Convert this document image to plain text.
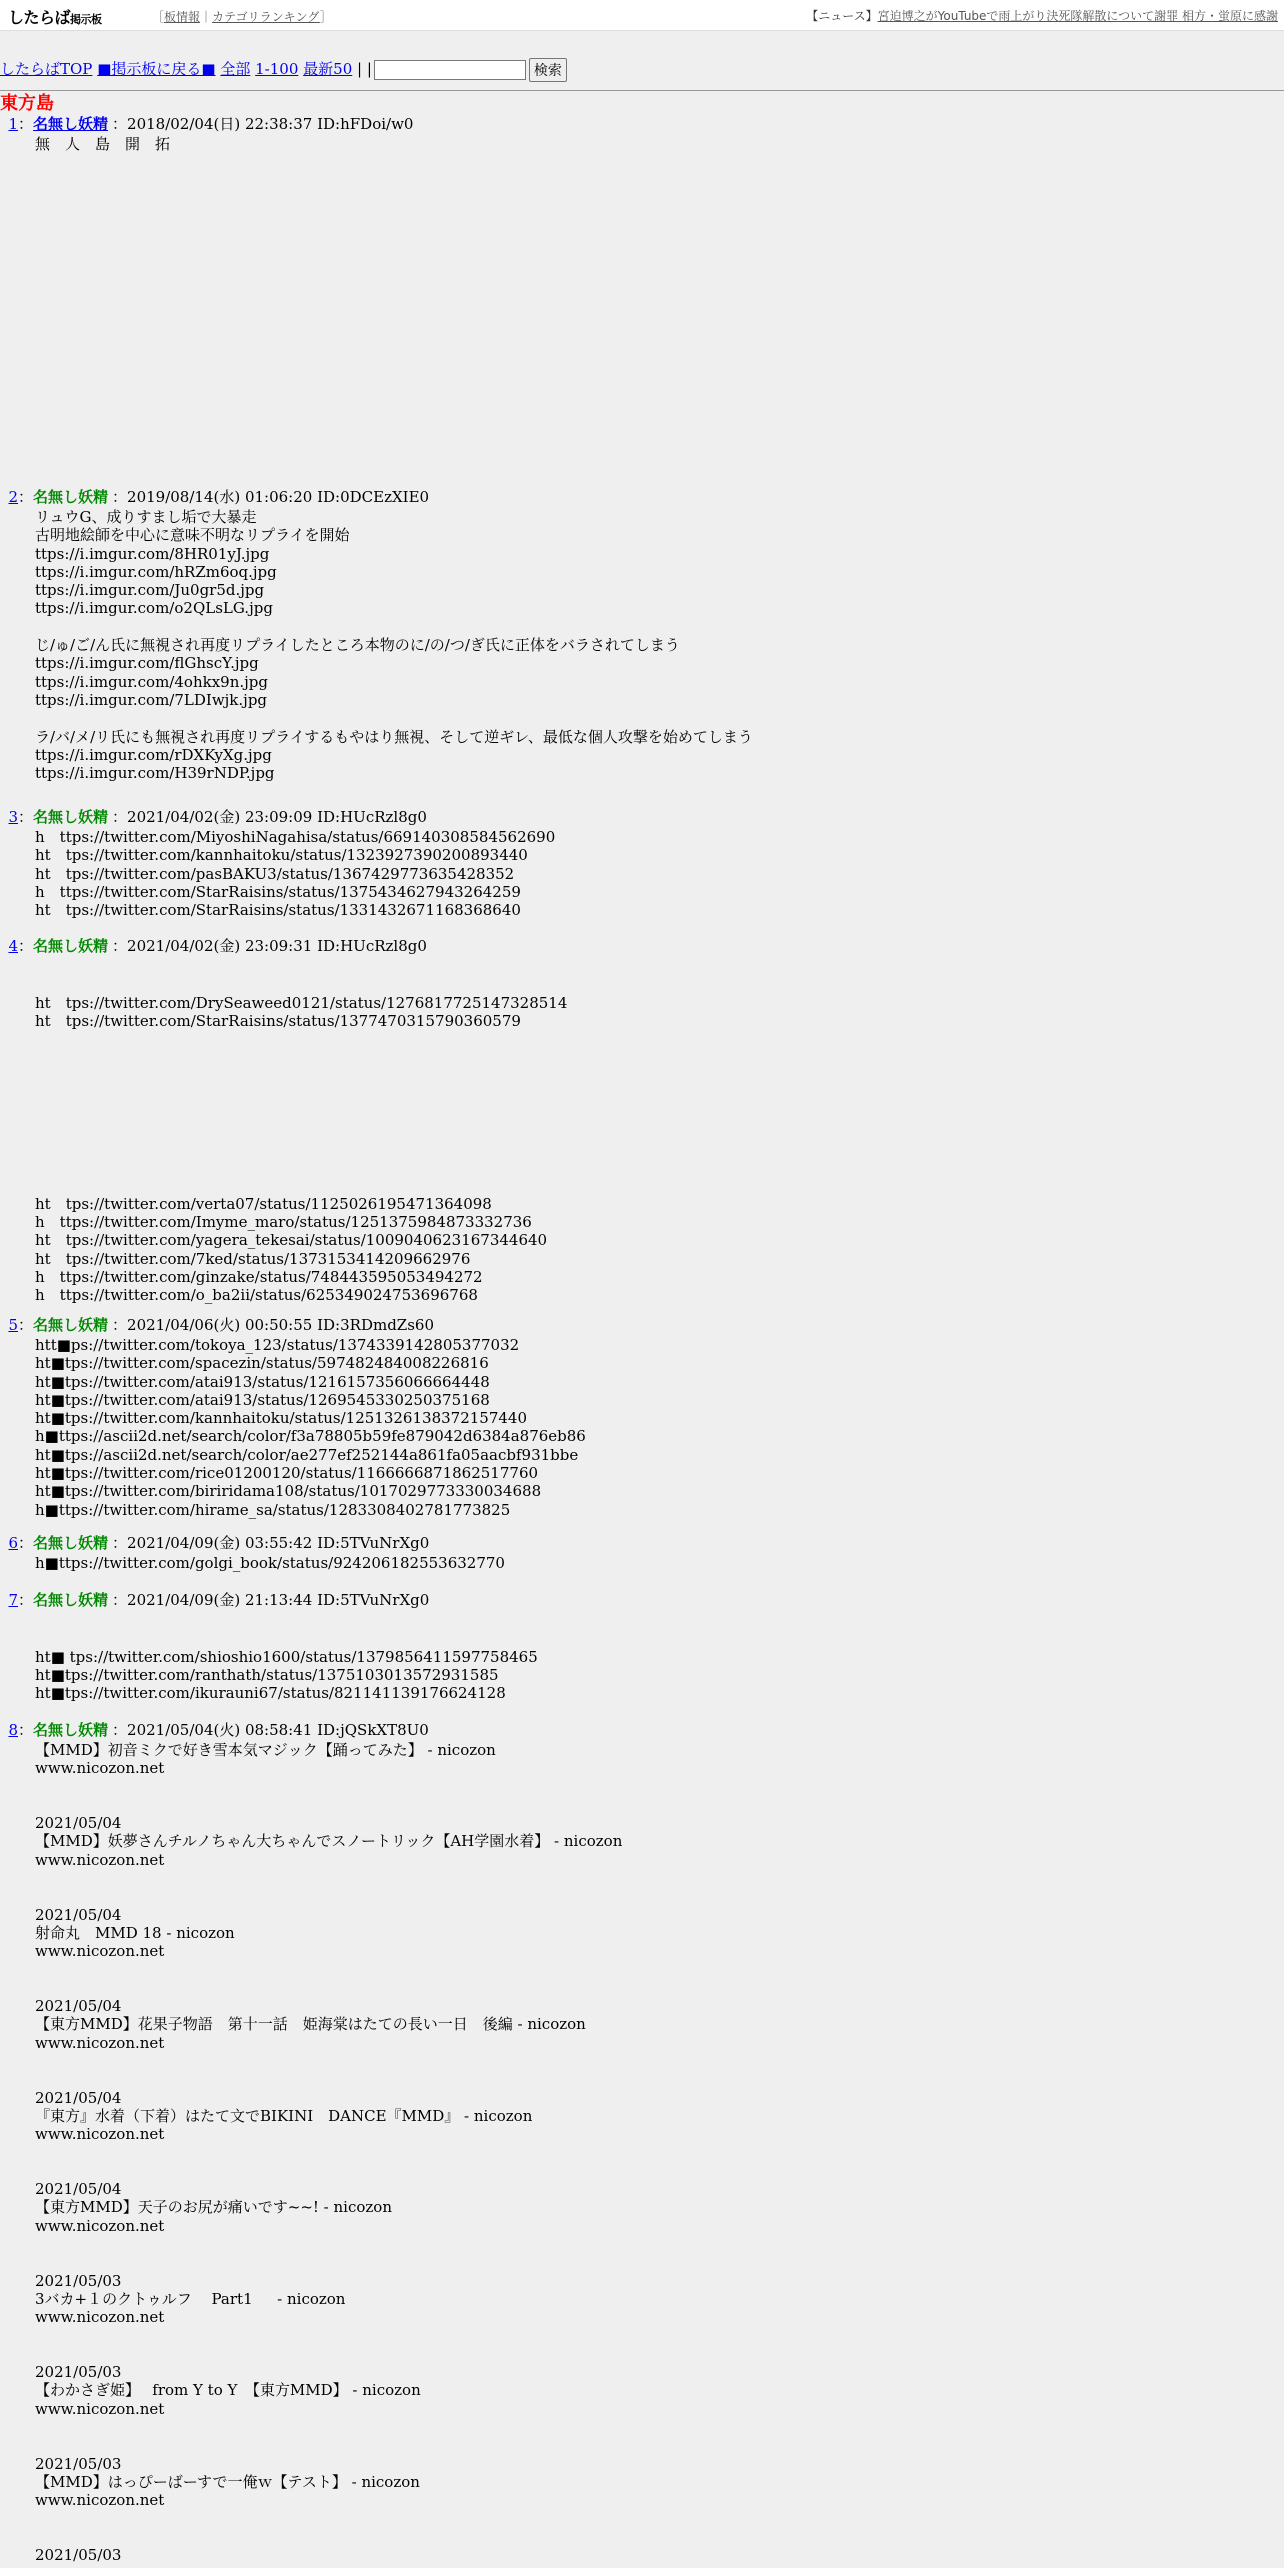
したらば掲示板	［板情報｜カテゴリランキング］	【ニュース】宮迫博之がYouTubeで雨上がり決死隊解散について謝罪 相方・蛍原に感謝
したらばTOP ■掲示板に戻る■ 全部 1-100 最新50 | |	検索
東方島
1：名無し妖精 ：2018/02/04(日) 22:38:37 ID:hFDoi/w0
無　人　島　開　拓
2：名無し妖精 ：2019/08/14(水) 01:06:20 ID:0DCEzXIE0
リュウG、成りすまし垢で大暴走
古明地絵師を中心に意味不明なリプライを開始
ttps://i.imgur.com/8HR01yJ.jpg
ttps://i.imgur.com/hRZm6oq.jpg
ttps://i.imgur.com/Ju0gr5d.jpg
ttps://i.imgur.com/o2QLsLG.jpg
じ/ゅ/ご/ん氏に無視され再度リプライしたところ本物のに/の/つ/ぎ氏に正体をバラされてしまう
ttps://i.imgur.com/flGhscY.jpg
ttps://i.imgur.com/4ohkx9n.jpg
ttps://i.imgur.com/7LDIwjk.jpg
ラ/バ/メ/リ氏にも無視され再度リプライするもやはり無視、そして逆ギレ、最低な個人攻撃を始めてしまう
ttps://i.imgur.com/rDXKyXg.jpg
ttps://i.imgur.com/H39rNDP.jpg
3：名無し妖精 ：2021/04/02(金) 23:09:09 ID:HUcRzl8g0
h　ttps://twitter.com/MiyoshiNagahisa/status/669140308584562690
ht　tps://twitter.com/kannhaitoku/status/1323927390200893440
ht　tps://twitter.com/pasBAKU3/status/1367429773635428352
h　ttps://twitter.com/StarRaisins/status/1375434627943264259
ht　tps://twitter.com/StarRaisins/status/1331432671168368640
4：名無し妖精 ：2021/04/02(金) 23:09:31 ID:HUcRzl8g0
ht　tps://twitter.com/DrySeaweed0121/status/1276817725147328514
ht　tps://twitter.com/StarRaisins/status/1377470315790360579
ht　tps://twitter.com/verta07/status/1125026195471364098
h　ttps://twitter.com/Imyme_maro/status/1251375984873332736
ht　tps://twitter.com/yagera_tekesai/status/1009040623167344640
ht　tps://twitter.com/7ked/status/1373153414209662976
h　ttps://twitter.com/ginzake/status/748443595053494272
h　ttps://twitter.com/o_ba2ii/status/625349024753696768
5：名無し妖精 ：2021/04/06(火) 00:50:55 ID:3RDmdZs60
htt■ps://twitter.com/tokoya_123/status/1374339142805377032
ht■tps://twitter.com/spacezin/status/597482484008226816
ht■tps://twitter.com/atai913/status/1216157356066664448
ht■tps://twitter.com/atai913/status/1269545330250375168
ht■tps://twitter.com/kannhaitoku/status/1251326138372157440
h■ttps://ascii2d.net/search/color/f3a78805b59fe879042d6384a876eb86
ht■tps://ascii2d.net/search/color/ae277ef252144a861fa05aacbf931bbe
ht■tps://twitter.com/rice01200120/status/1166666871862517760
ht■tps://twitter.com/biriridama108/status/1017029773330034688
h■ttps://twitter.com/hirame_sa/status/1283308402781773825
6：名無し妖精 ：2021/04/09(金) 03:55:42 ID:5TVuNrXg0
h■ttps://twitter.com/golgi_book/status/924206182553632770
7：名無し妖精 ：2021/04/09(金) 21:13:44 ID:5TVuNrXg0
ht■ tps://twitter.com/shioshio1600/status/1379856411597758465
ht■tps://twitter.com/ranthath/status/1375103013572931585
ht■tps://twitter.com/ikurauni67/status/821141139176624128
8：名無し妖精 ：2021/05/04(火) 08:58:41 ID:jQSkXT8U0
【MMD】初音ミクで好き雪本気マジック【踊ってみた】 - nicozon
www.nicozon.net
2021/05/04
【MMD】妖夢さんチルノちゃん大ちゃんでスノートリック【AH学園水着】 - nicozon
www.nicozon.net
2021/05/04
射命丸　MMD 18 - nicozon
www.nicozon.net
2021/05/04
【東方MMD】花果子物語　第十一話　姫海棠はたての長い一日　後編 - nicozon
www.nicozon.net
2021/05/04
『東方』水着（下着）はたて文でBIKINI　DANCE『MMD』 - nicozon
www.nicozon.net
2021/05/04
【東方MMD】天子のお尻が痛いです~~! - nicozon
www.nicozon.net
2021/05/03
3バカ+１のクトゥルフ　 Part1 　 - nicozon
www.nicozon.net
2021/05/03
【わかさぎ姫】　 from Y to Y　【東方MMD】 - nicozon
www.nicozon.net
2021/05/03
【MMD】はっぴーばーすで一俺ｗ【テスト】 - nicozon
www.nicozon.net
2021/05/03
